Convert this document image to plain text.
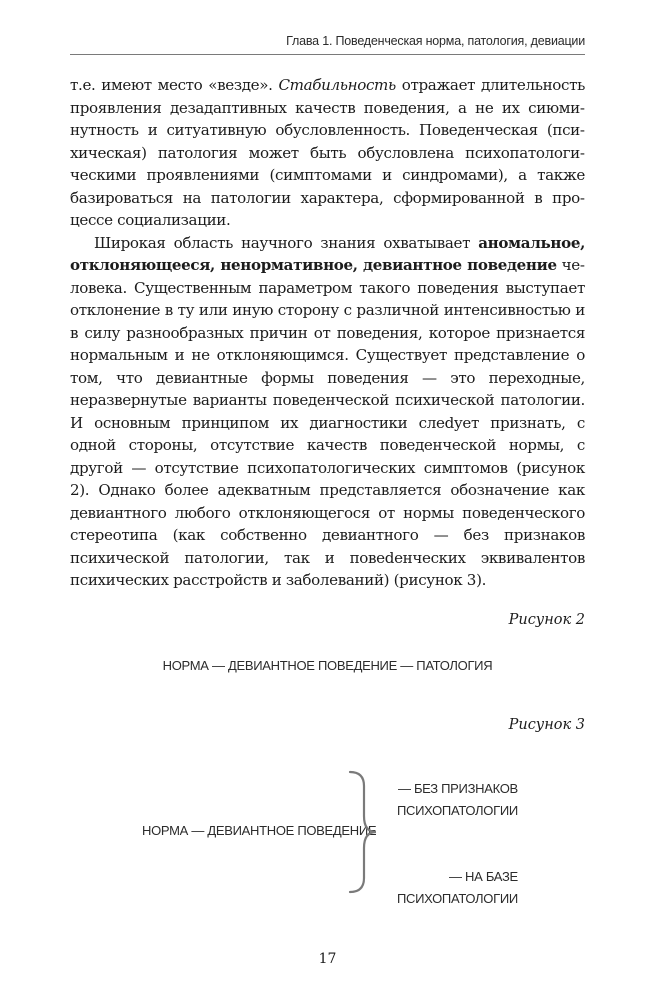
Глава 1. Поведенческая норма, патология, девиации

т.е. имеют место «везде». Стабильность отражает длительность проявления дезадаптивных качеств поведения, а не их сиюминутность и ситуативную обусловленность. Поведенческая (психическая) патология может быть обусловлена психопатологическими проявлениями (симптомами и синдромами), а также базироваться на патологии характера, сформированной в процессе социализации.

Широкая область научного знания охватывает аномальное, отклоняющееся, ненормативное, девиантное поведение человека. Существенным параметром такого поведения выступает отклонение в ту или иную сторону с различной интенсивностью и в силу разнообразных причин от поведения, которое признается нормальным и не отклоняющимся. Существует представление о том, что девиантные формы поведения — это переходные, неразвернутые варианты поведенческой психической патологии. И основным принципом их диагностики слеdует признать, с одной стороны, отсутствие качеств поведенческой нормы, с другой — отсутствие психопатологических симптомов (рисунок 2). Однако более адекватным представляется обозначение как девиантного любого отклоняющегося от нормы поведенческого стереотипа (как собственно девиантного — без признаков психической патологии, так и повеdенческих эквивалентов психических расстройств и заболеваний) (рисунок 3).

Рисунок 2
НОРМА — ДЕВИАНТНОЕ ПОВЕДЕНИЕ — ПАТОЛОГИЯ
Рисунок 3
НОРМА — ДЕВИАНТНОЕ ПОВЕДЕНИЕ
— БЕЗ ПРИЗНАКОВ
ПСИХОПАТОЛОГИИ
— НА БАЗЕ
ПСИХОПАТОЛОГИИ
17
